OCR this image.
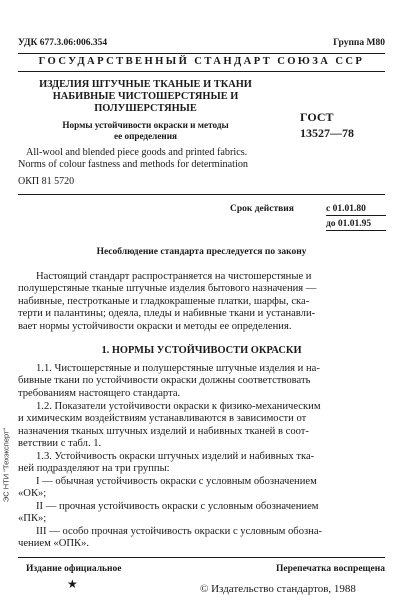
УДК 677.3.06:006.354	Группа М80
ГОСУДАРСТВЕННЫЙ СТАНДАРТ СОЮЗА ССР
ИЗДЕЛИЯ ШТУЧНЫЕ ТКАНЫЕ И ТКАНИ
НАБИВНЫЕ ЧИСТОШЕРСТЯНЫЕ И
ПОЛУШЕРСТЯНЫЕ
Нормы устойчивости окраски и методы
ее определения
All-wool and blended piece goods and printed fabrics.
Norms of colour fastness and methods for determination
ОКП 81 5720
ГОСТ
13527—78
Срок действия	с 01.01.80
до 01.01.95
Несоблюдение стандарта преследуется по закону
Настоящий стандарт распространяется на чистошерстяные и
полушерстяные тканые штучные изделия бытового назначения —
набивные, пестротканые и гладкокрашеные платки, шарфы, ска-
терти и палантины; одеяла, пледы и набивные ткани и устанавли-
вает нормы устойчивости окраски и методы ее определения.
1. НОРМЫ УСТОЙЧИВОСТИ ОКРАСКИ
1.1. Чистошерстяные и полушерстяные штучные изделия и на-
бивные ткани по устойчивости окраски должны соответствовать
требованиям настоящего стандарта.
1.2. Показатели устойчивости окраски к физико-механическим
и химическим воздействиям устанавливаются в зависимости от
назначения тканых штучных изделий и набивных тканей в соот-
ветствии с табл. 1.
1.3. Устойчивость окраски штучных изделий и набивных тка-
ней подразделяют на три группы:
I — обычная устойчивость окраски с условным обозначением
«ОК»;
II — прочная устойчивость окраски с условным обозначением
«ПК»;
III — особо прочная устойчивость окраски с условным обозна-
чением «ОПК».
ЭС НТИ "Техэксперт"
Издание официальное	Перепечатка воспрещена
★	© Издательство стандартов, 1988
